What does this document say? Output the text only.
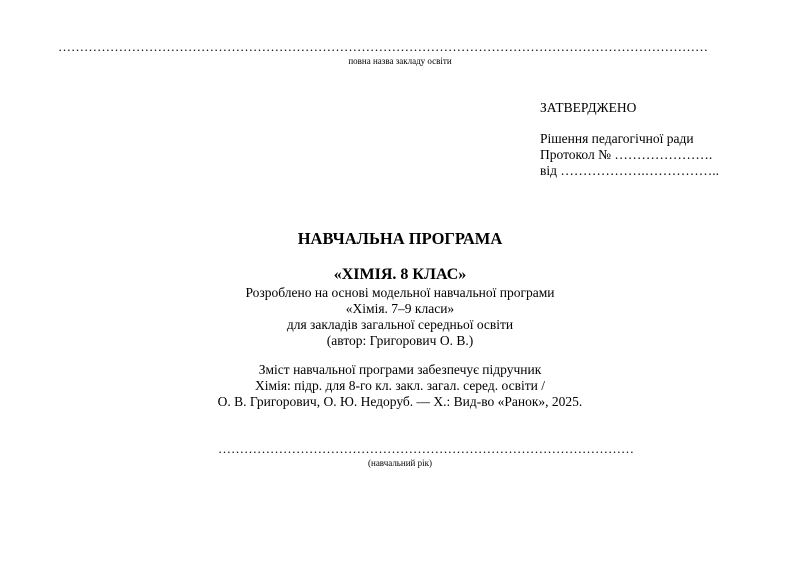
……………………………………………………………………………………………………………………………………
повна назва закладу освіти
ЗАТВЕРДЖЕНО
Рішення педагогічної ради
Протокол № ………………….
від ……………….……………..
НАВЧАЛЬНА ПРОГРАМА
«ХІМІЯ. 8 КЛАС»
Розроблено на основі модельної навчальної програми
«Хімія. 7–9 класи»
для закладів загальної середньої освіти
(автор: Григорович О. В.)
Зміст навчальної програми забезпечує підручник
Хімія: підр. для 8-го кл. закл. загал. серед. освіти /
О. В. Григорович, О. Ю. Недоруб. — Х.: Вид-во «Ранок», 2025.
……………………………………………………………………………………
(навчальний рік)
